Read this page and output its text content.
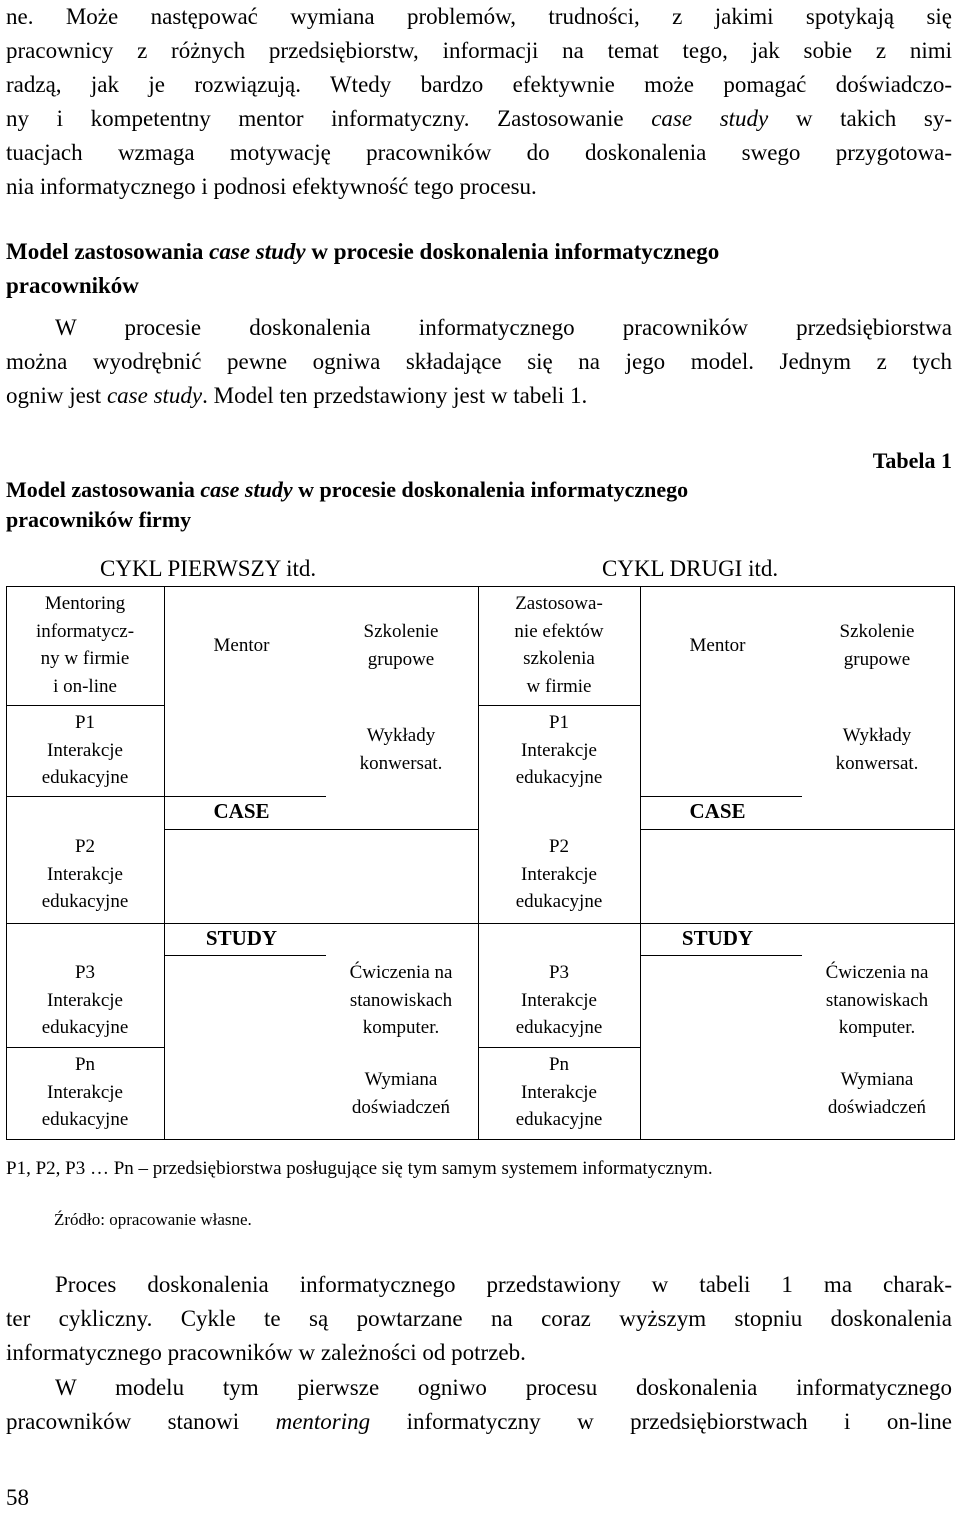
ne. Może następować wymiana problemów, trudności, z jakimi spotykają się
pracownicy z różnych przedsiębiorstw, informacji na temat tego, jak sobie z nimi
radzą, jak je rozwiązują. Wtedy bardzo efektywnie może pomagać doświadczo-
ny i kompetentny mentor informatyczny. Zastosowanie case study w takich sy-
tuacjach wzmaga motywację pracowników do doskonalenia swego przygotowa-
nia informatycznego i podnosi efektywność tego procesu.
Model zastosowania case study w procesie doskonalenia informatycznego
pracowników
W procesie doskonalenia informatycznego pracowników przedsiębiorstwa
można wyodrębnić pewne ogniwa składające się na jego model. Jednym z tych
ogniw jest case study. Model ten przedstawiony jest w tabeli 1.
Tabela 1
Model zastosowania case study w procesie doskonalenia informatycznego
pracowników firmy
CYKL PIERWSZY itd.	CYKL DRUGI itd.
Mentoring
informatycz-
ny w firmie
i on-line
P1
Interakcje
edukacyjne
P2
Interakcje
edukacyjne
P3
Interakcje
edukacyjne
Pn
Interakcje
edukacyjne
Mentor
Szkolenie
grupowe
Wykłady
konwersat.
CASE
STUDY
Ćwiczenia na
stanowiskach
komputer.
Wymiana
doświadczeń
Zastosowa-
nie efektów
szkolenia
w firmie
P1
Interakcje
edukacyjne
P2
Interakcje
edukacyjne
P3
Interakcje
edukacyjne
Pn
Interakcje
edukacyjne
Mentor
Szkolenie
grupowe
Wykłady
konwersat.
CASE
STUDY
Ćwiczenia na
stanowiskach
komputer.
Wymiana
doświadczeń
P1, P2, P3 … Pn – przedsiębiorstwa posługujące się tym samym systemem informatycznym.
Źródło: opracowanie własne.
Proces doskonalenia informatycznego przedstawiony w tabeli 1 ma charak-
ter cykliczny. Cykle te są powtarzane na coraz wyższym stopniu doskonalenia
informatycznego pracowników w zależności od potrzeb.
W modelu tym pierwsze ogniwo procesu doskonalenia informatycznego
pracowników stanowi mentoring informatyczny w przedsiębiorstwach i on-line
58
